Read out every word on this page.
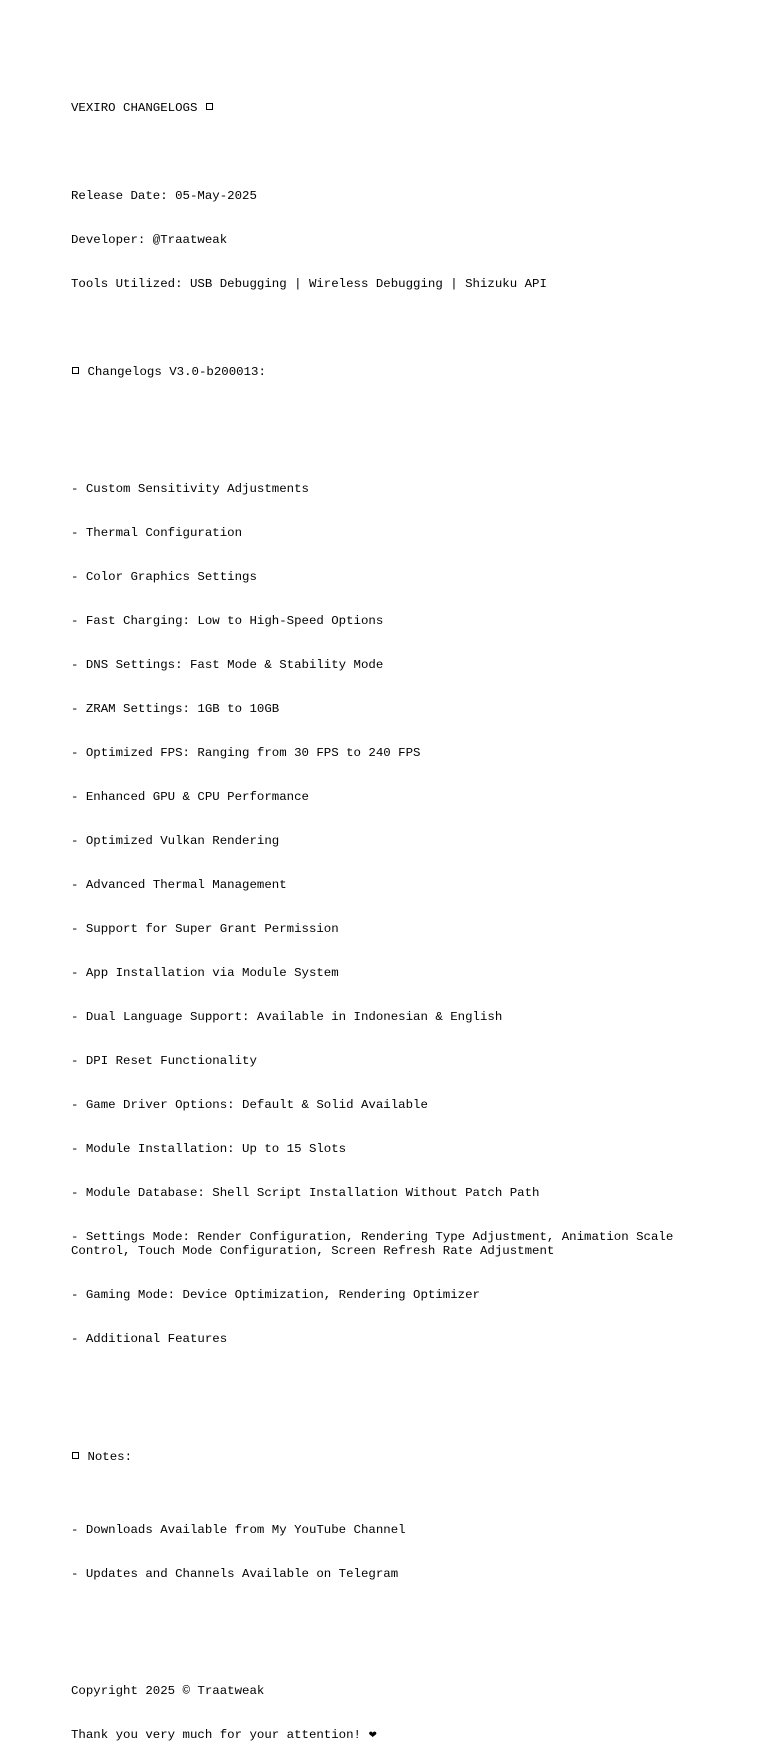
VEXIRO CHANGELOGS

Release Date: 05-May-2025

Developer: @Traatweak

Tools Utilized: USB Debugging | Wireless Debugging | Shizuku API

Changelogs V3.0-b200013:

- Custom Sensitivity Adjustments

- Thermal Configuration

- Color Graphics Settings

- Fast Charging: Low to High-Speed Options

- DNS Settings: Fast Mode & Stability Mode

- ZRAM Settings: 1GB to 10GB

- Optimized FPS: Ranging from 30 FPS to 240 FPS

- Enhanced GPU & CPU Performance

- Optimized Vulkan Rendering

- Advanced Thermal Management

- Support for Super Grant Permission

- App Installation via Module System

- Dual Language Support: Available in Indonesian & English

- DPI Reset Functionality

- Game Driver Options: Default & Solid Available

- Module Installation: Up to 15 Slots

- Module Database: Shell Script Installation Without Patch Path

- Settings Mode: Render Configuration, Rendering Type Adjustment, Animation Scale Control, Touch Mode Configuration, Screen Refresh Rate Adjustment

- Gaming Mode: Device Optimization, Rendering Optimizer

- Additional Features

Notes:

- Downloads Available from My YouTube Channel

- Updates and Channels Available on Telegram

Copyright 2025 © Traatweak

Thank you very much for your attention! ❤
